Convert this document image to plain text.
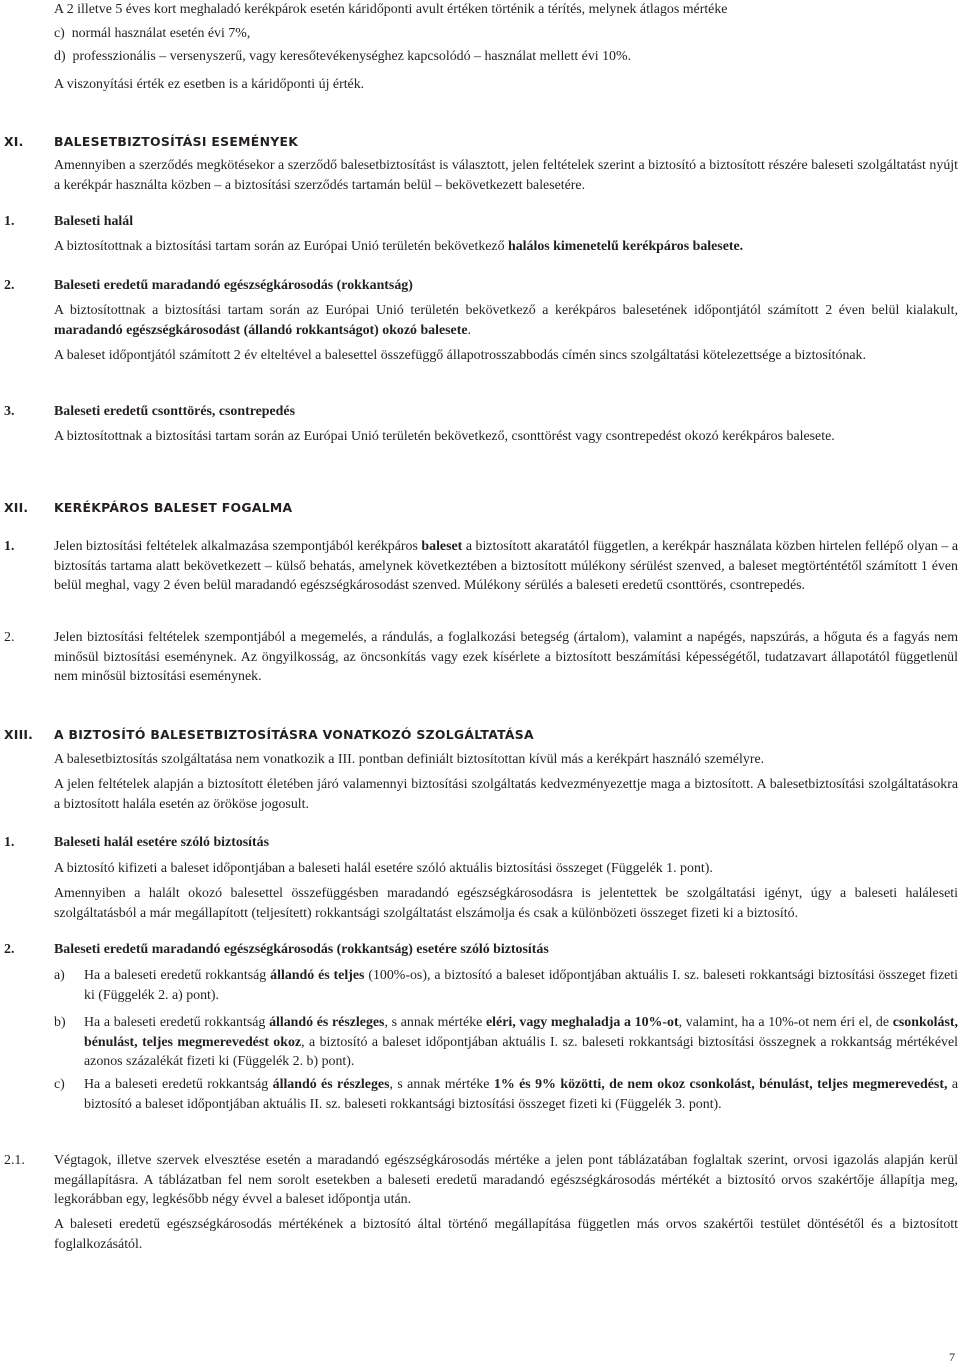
A 2 illetve 5 éves kort meghaladó kerékpárok esetén káridőponti avult értéken történik a térítés, melynek átlagos mértéke

c)  normál használat esetén évi 7%,

d)  professzionális – versenyszerű, vagy keresőtevékenységhez kapcsolódó – használat mellett évi 10%.

A viszonyítási érték ez esetben is a káridőponti új érték.

XI. BALESETBIZTOSÍTÁSI ESEMÉNYEK

Amennyiben a szerződés megkötésekor a szerződő balesetbiztosítást is választott, jelen feltételek szerint a biztosító a biztosított részére baleseti szolgáltatást nyújt a kerékpár használta közben – a biztosítási szerződés tartamán belül – bekövetkezett balesetére.

1.	Baleseti halál

A biztosítottnak a biztosítási tartam során az Európai Unió területén bekövetkező halálos kimenetelű kerékpáros balesete.

2.	Baleseti eredetű maradandó egészségkárosodás (rokkantság)

A biztosítottnak a biztosítási tartam során az Európai Unió területén bekövetkező a kerékpáros balesetének időpontjától számított 2 éven belül kialakult, maradandó egészségkárosodást (állandó rokkantságot) okozó balesete.

A baleset időpontjától számított 2 év elteltével a balesettel összefüggő állapotrosszabbodás címén sincs szolgáltatási kötelezettsége a biztosítónak.

3.	Baleseti eredetű csonttörés, csontrepedés

A biztosítottnak a biztosítási tartam során az Európai Unió területén bekövetkező, csonttörést vagy csontrepedést okozó kerékpáros balesete.

XII. KERÉKPÁROS BALESET FOGALMA
1.	Jelen biztosítási feltételek alkalmazása szempontjából kerékpáros baleset a biztosított akaratától független, a kerékpár használata közben hirtelen fellépő olyan – a biztosítás tartama alatt bekövetkezett – külső behatás, amelynek következtében a biztosított múlékony sérülést szenved, a baleset megtörténtétől számított 1 éven belül meghal, vagy 2 éven belül maradandó egészségkárosodást szenved. Múlékony sérülés a baleseti eredetű csonttörés, csontrepedés.

2.	Jelen biztosítási feltételek szempontjából a megemelés, a rándulás, a foglalkozási betegség (ártalom), valamint a napégés, napszúrás, a hőguta és a fagyás nem minősül biztosítási eseménynek. Az öngyilkosság, az öncsonkítás vagy ezek kísérlete a biztosított beszámítási képességétől, tudatzavart állapotától függetlenül nem minősül biztosítási eseménynek.

XIII. A BIZTOSÍTÓ BALESETBIZTOSÍTÁSRA VONATKOZÓ SZOLGÁLTATÁSA

A balesetbiztosítás szolgáltatása nem vonatkozik a III. pontban definiált biztosítottan kívül más a kerékpárt használó személyre.

A jelen feltételek alapján a biztosított életében járó valamennyi biztosítási szolgáltatás kedvezményezettje maga a biztosított. A balesetbiztosítási szolgáltatásokra a biztosított halála esetén az örököse jogosult.

1.	Baleseti halál esetére szóló biztosítás

A biztosító kifizeti a baleset időpontjában a baleseti halál esetére szóló aktuális biztosítási összeget (Függelék 1. pont).

Amennyiben a halált okozó balesettel összefüggésben maradandó egészségkárosodásra is jelentettek be szolgáltatási igényt, úgy a baleseti haláleseti szolgáltatásból a már megállapított (teljesített) rokkantsági szolgáltatást elszámolja és csak a különbözeti összeget fizeti ki a biztosító.

2.	Baleseti eredetű maradandó egészségkárosodás (rokkantság) esetére szóló biztosítás
a) Ha a baleseti eredetű rokkantság állandó és teljes (100%-os), a biztosító a baleset időpontjában aktuális I. sz. baleseti rokkantsági biztosítási összeget fizeti ki (Függelék 2. a) pont).

b) Ha a baleseti eredetű rokkantság állandó és részleges, s annak mértéke eléri, vagy meghaladja a 10%-ot, valamint, ha a 10%-ot nem éri el, de csonkolást, bénulást, teljes megmerevedést okoz, a biztosító a baleset időpontjában aktuális I. sz. baleseti rokkantsági biztosítási összegnek a rokkantság mértékével azonos százalékát fizeti ki (Függelék 2. b) pont).

c) Ha a baleseti eredetű rokkantság állandó és részleges, s annak mértéke 1% és 9% közötti, de nem okoz csonkolást, bénulást, teljes megmerevedést, a biztosító a baleset időpontjában aktuális II. sz. baleseti rokkantsági biztosítási összeget fizeti ki (Függelék 3. pont).

2.1. Végtagok, illetve szervek elvesztése esetén a maradandó egészségkárosodás mértéke a jelen pont táblázatában foglaltak szerint, orvosi igazolás alapján kerül megállapításra. A táblázatban fel nem sorolt esetekben a baleseti eredetű maradandó egészségkárosodás mértékét a biztosító orvos szakértője állapítja meg, legkorábban egy, legkésőbb négy évvel a baleset időpontja után.

A baleseti eredetű egészségkárosodás mértékének a biztosító által történő megállapítása független más orvos szakértői testület döntésétől és a biztosított foglalkozásától.

7
